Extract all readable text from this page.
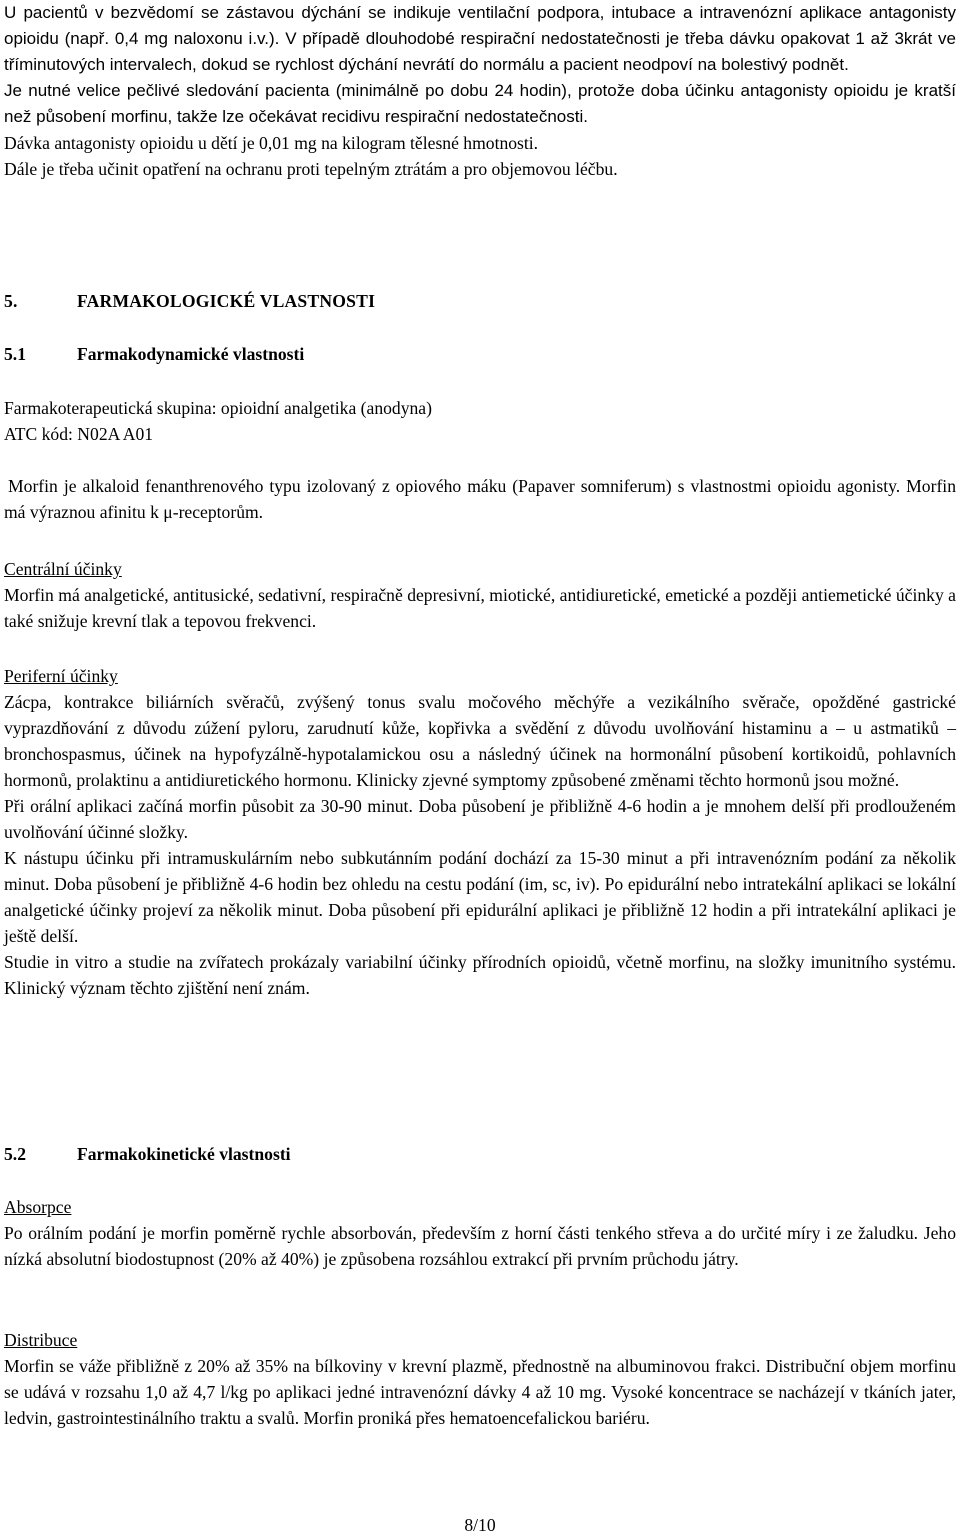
U pacientů v bezvědomí se zástavou dýchání se indikuje ventilační podpora, intubace a intravenózní aplikace antagonisty opioidu (např. 0,4 mg naloxonu i.v.). V případě dlouhodobé respirační nedostatečnosti je třeba dávku opakovat 1 až 3krát ve tříminutových intervalech, dokud se rychlost dýchání nevrátí do normálu a pacient neodpoví na bolestivý podnět.

Je nutné velice pečlivé sledování pacienta (minimálně po dobu 24 hodin), protože doba účinku antagonisty opioidu je kratší než působení morfinu, takže lze očekávat recidivu respirační nedostatečnosti.

Dávka antagonisty opioidu u dětí je 0,01 mg na kilogram tělesné hmotnosti.

Dále je třeba učinit opatření na ochranu proti tepelným ztrátám a pro objemovou léčbu.

5.	FARMAKOLOGICKÉ VLASTNOSTI

5.1	Farmakodynamické vlastnosti

Farmakoterapeutická skupina: opioidní analgetika (anodyna)

ATC kód: N02A A01

Morfin je alkaloid fenanthrenového typu izolovaný z opiového máku (Papaver somniferum) s vlastnostmi opioidu agonisty. Morfin má výraznou afinitu k μ-receptorům.

Centrální účinky

Morfin má analgetické, antitusické, sedativní, respiračně depresivní, miotické, antidiuretické, emetické a později antiemetické účinky a také snižuje krevní tlak a tepovou frekvenci.

Periferní účinky

Zácpa, kontrakce biliárních svěračů, zvýšený tonus svalu močového měchýře a vezikálního svěrače, opožděné gastrické vyprazdňování z důvodu zúžení pyloru, zarudnutí kůže, kopřivka a svědění z důvodu uvolňování histaminu a – u astmatiků – bronchospasmus, účinek na hypofyzálně-hypotalamickou osu a následný účinek na hormonální působení kortikoidů, pohlavních hormonů, prolaktinu a antidiuretického hormonu. Klinicky zjevné symptomy způsobené změnami těchto hormonů jsou možné.

Při orální aplikaci začíná morfin působit za 30-90 minut. Doba působení je přibližně 4-6 hodin a je mnohem delší při prodlouženém uvolňování účinné složky.

K nástupu účinku při intramuskulárním nebo subkutánním podání dochází za 15-30 minut a při intravenózním podání za několik minut. Doba působení je přibližně 4-6 hodin bez ohledu na cestu podání (im, sc, iv). Po epidurální nebo intratekální aplikaci se lokální analgetické účinky projeví za několik minut. Doba působení při epidurální aplikaci je přibližně 12 hodin a při intratekální aplikaci je ještě delší.

Studie in vitro a studie na zvířatech prokázaly variabilní účinky přírodních opioidů, včetně morfinu, na složky imunitního systému. Klinický význam těchto zjištění není znám.

5.2	Farmakokinetické vlastnosti

Absorpce

Po orálním podání je morfin poměrně rychle absorbován, především z horní části tenkého střeva a do určité míry i ze žaludku. Jeho nízká absolutní biodostupnost (20% až 40%) je způsobena rozsáhlou extrakcí při prvním průchodu játry.

Distribuce

Morfin se váže přibližně z 20% až 35% na bílkoviny v krevní plazmě, přednostně na albuminovou frakci. Distribuční objem morfinu se udává v rozsahu 1,0 až 4,7 l/kg po aplikaci jedné intravenózní dávky 4 až 10 mg. Vysoké koncentrace se nacházejí v tkáních jater, ledvin, gastrointestinálního traktu a svalů. Morfin proniká přes hematoencefalickou bariéru.

8/10
